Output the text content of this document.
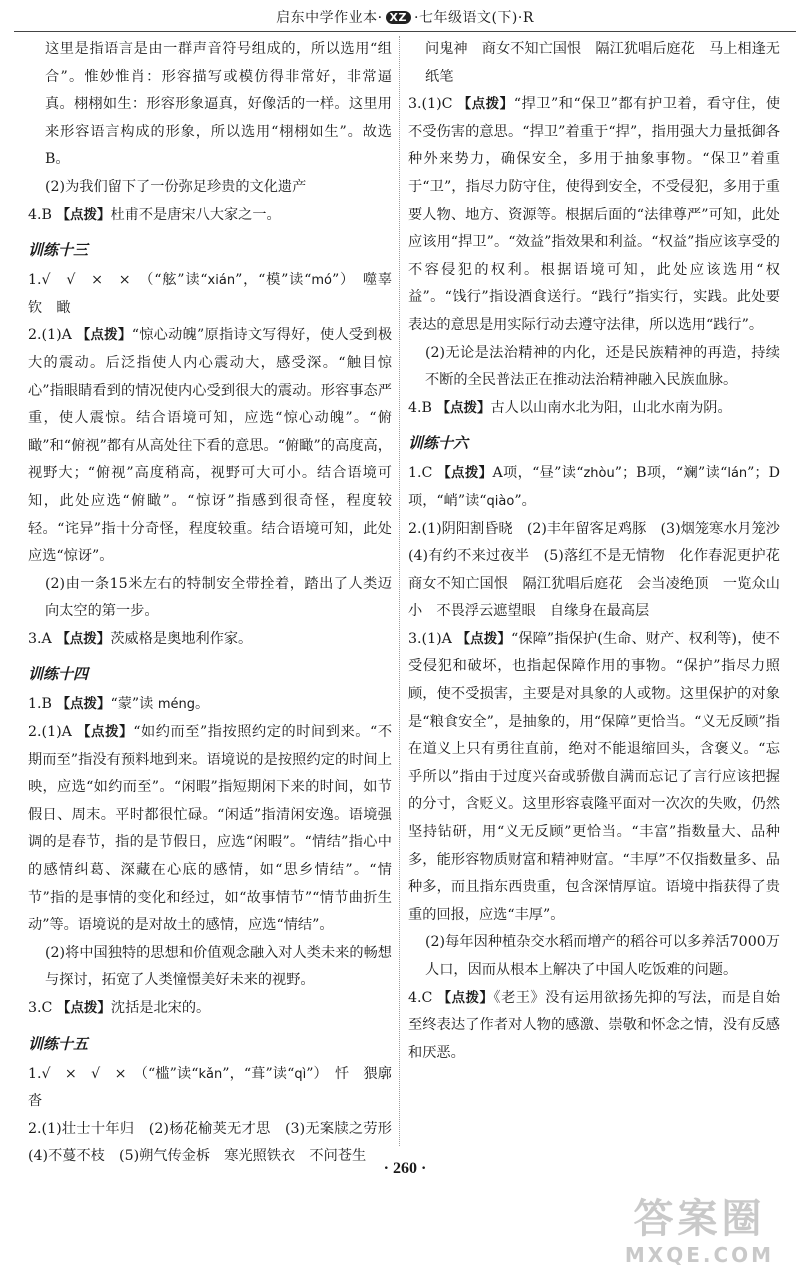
启东中学作业本· XZ ·七年级语文(下)·R

这里是指语言是由一群声音符号组成的，所以选用“组合”。惟妙惟肖：形容描写或模仿得非常好，非常逼真。栩栩如生：形容形象逼真，好像活的一样。这里用来形容语言构成的形象，所以选用“栩栩如生”。故选B。

(2)为我们留下了一份弥足珍贵的文化遗产

4.B 【点拨】杜甫不是唐宋八大家之一。

训练十三

1.√　√　×　×　（“舷”读“xián”，“模”读“mó”）　噬辜　钦　瞰

2.(1)A 【点拨】“惊心动魄”原指诗文写得好，使人受到极大的震动。后泛指使人内心震动大，感受深。“触目惊心”指眼睛看到的情况使内心受到很大的震动。形容事态严重，使人震惊。结合语境可知，应选“惊心动魄”。“俯瞰”和“俯视”都有从高处往下看的意思。“俯瞰”的高度高，视野大；“俯视”高度稍高，视野可大可小。结合语境可知，此处应选“俯瞰”。“惊讶”指感到很奇怪，程度较轻。“诧异”指十分奇怪，程度较重。结合语境可知，此处应选“惊讶”。

(2)由一条15米左右的特制安全带拴着，踏出了人类迈向太空的第一步。

3.A 【点拨】茨威格是奥地利作家。

训练十四

1.B 【点拨】“蒙”读 méng。

2.(1)A 【点拨】“如约而至”指按照约定的时间到来。“不期而至”指没有预料地到来。语境说的是按照约定的时间上映，应选“如约而至”。“闲暇”指短期闲下来的时间，如节假日、周末。平时都很忙碌。“闲适”指清闲安逸。语境强调的是春节，指的是节假日，应选“闲暇”。“情结”指心中的感情纠葛、深藏在心底的感情，如“思乡情结”。“情节”指的是事情的变化和经过，如“故事情节”“情节曲折生动”等。语境说的是对故土的感情，应选“情结”。

(2)将中国独特的思想和价值观念融入对人类未来的畅想与探讨，拓宽了人类憧憬美好未来的视野。

3.C 【点拨】沈括是北宋的。

训练十五

1.√　×　√　×　（“槛”读“kǎn”，“葺”读“qì”）　忏　猥廓　沓

2.(1)壮士十年归　(2)杨花榆荚无才思　(3)无案牍之劳形　(4)不蔓不枝　(5)朔气传金柝　寒光照铁衣　不问苍生

问鬼神　商女不知亡国恨　隔江犹唱后庭花　马上相逢无纸笔

3.(1)C 【点拨】“捍卫”和“保卫”都有护卫着，看守住，使不受伤害的意思。“捍卫”着重于“捍”，指用强大力量抵御各种外来势力，确保安全，多用于抽象事物。“保卫”着重于“卫”，指尽力防守住，使得到安全，不受侵犯，多用于重要人物、地方、资源等。根据后面的“法律尊严”可知，此处应该用“捍卫”。“效益”指效果和利益。“权益”指应该享受的不容侵犯的权利。根据语境可知，此处应该选用“权益”。“饯行”指设酒食送行。“践行”指实行，实践。此处要表达的意思是用实际行动去遵守法律，所以选用“践行”。

(2)无论是法治精神的内化，还是民族精神的再造，持续不断的全民普法正在推动法治精神融入民族血脉。

4.B 【点拨】古人以山南水北为阳，山北水南为阴。

训练十六

1.C 【点拨】A项，“昼”读“zhòu”；B项，“斓”读“lán”；D项，“峭”读“qiào”。

2.(1)阴阳割昏晓　(2)丰年留客足鸡豚　(3)烟笼寒水月笼沙　(4)有约不来过夜半　(5)落红不是无情物　化作春泥更护花　商女不知亡国恨　隔江犹唱后庭花　会当凌绝顶　一览众山小　不畏浮云遮望眼　自缘身在最高层

3.(1)A 【点拨】“保障”指保护(生命、财产、权利等)，使不受侵犯和破坏，也指起保障作用的事物。“保护”指尽力照顾，使不受损害，主要是对具象的人或物。这里保护的对象是“粮食安全”，是抽象的，用“保障”更恰当。“义无反顾”指在道义上只有勇往直前，绝对不能退缩回头，含褒义。“忘乎所以”指由于过度兴奋或骄傲自满而忘记了言行应该把握的分寸，含贬义。这里形容袁隆平面对一次次的失败，仍然坚持钻研，用“义无反顾”更恰当。“丰富”指数量大、品种多，能形容物质财富和精神财富。“丰厚”不仅指数量多、品种多，而且指东西贵重，包含深情厚谊。语境中指获得了贵重的回报，应选“丰厚”。

(2)每年因种植杂交水稻而增产的稻谷可以多养活7000万人口，因而从根本上解决了中国人吃饭难的问题。

4.C 【点拨】《老王》没有运用欲扬先抑的写法，而是自始至终表达了作者对人物的感激、崇敬和怀念之情，没有反感和厌恶。

· 260 ·
答案圈
MXQE.COM
